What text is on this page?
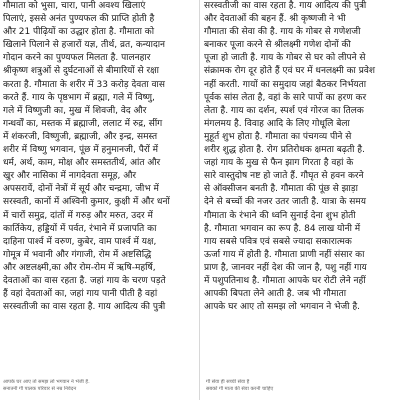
गौमाता को भुसा, चारा, पानी अवश्य खिलाएं
पिलाएं, इससे अनंत पुण्यफल की प्राप्ति होती है
और 21 पीढ़ियों का उद्धार होता है. गौमाता को
खिलाने पिलाने से हजारों यज्ञ, तीर्थ, व्रत, कन्यादान
गोदान करने का पुण्यफल मिलता है. पालनहार
श्रीकृष्ण शत्रुओं से दुर्घटनाओं से बीमारियों से रक्षा
करता है. गौमाता के शरीर में 33 करोड़ देवता वास
करते हैं. गाय के पृष्ठभाग में ब्रह्मा, गले में विष्णु,
गले में विष्णुजी का, मुख में शिवजी, वेद और
गन्धर्वों का, मस्तक में ब्रह्माजी, ललाट में रुद्र, सींग
में शंकरजी, विष्णुजी, ब्रह्माजी, और इन्द्र, समस्त
शरीर में विष्णु भगवान, पूंछ में हनुमानजी, पैरों में
धर्म, अर्थ, काम, मोक्ष और समस्ततीर्थ, आंत और
खुर और नासिका में नागदेवता समूह, और
अपसरायें, दोनों नेत्रों में सूर्य और चन्द्रमा, जीभ में
सरस्वती, कानों में अश्विनी कुमार, कुक्षी में और धनों
में चारों समुद्र, दांतों में गरुड़ और मरुत, उदर में
कार्तिकेय, हड्डियों में पर्वत, रंभाने में प्रजापति का
दाहिना पार्श्व में वरुण, कुबेर, वाम पार्श्व में यक्ष,
गोमूत्र में भवानी और गंगाजी, रोम में अष्टसिद्धि
और अष्टलक्ष्मी,का और रोम-रोम में ऋषि-महर्षि,
देवताओं का वास रहता है. जहां गाय के चरण पड़ते
हैं वहां देवताओं का, जहां गाय पानी पीती है वहां
सरस्वतीजी का वास रहता है. गाय आदित्य की पुत्री
सरस्वतीजी का वास रहता है. गाय आदित्य की पुत्री
और देवताओं की बहन हैं. श्री कृष्णजी ने भी
गौमाता की सेवा की है. गाय के गोबर से गणेशजी
बनाकर पूजा करने से श्रीलक्ष्मी गणेश दोनों की
पूजा हो जाती है. गाय के गोबर से घर को लीपने से
संक्रामक रोग दूर होते हैं एवं घर में धनलक्ष्मी का प्रवेश
नहीं करती. गायों का समुदाय जहां बैठकर निर्भयता
पूर्वक सांस लेता है, वहां के सारे पापों का हरण कर
लेता है. गाय का दर्शन, स्पर्श एवं गोरज का तिलक
मंगलमय है. विवाह आदि के लिए गोधूलि बेला
मुहूर्त शुभ होता है. गौमाता का पंचगव्य पीने से
शरीर शुद्ध होता है. रोग प्रतिरोधक क्षमता बढ़ती है.
जहां गाय के मुख से फैन झाग गिरता है वहां के
सारे वास्तुदोष नष्ट हो जाते हैं. गौघृत से हवन करने
से ऑक्सीजन बनती है. गौमाता की पूंछ से झाड़ा
देने से बच्चों की नजर उतर जाती है. यात्रा के समय
गौमाता के रंभाने की ध्वनि सुनाई देना शुभ होती
है. गौमाता भगवान का रूप है. 84 लाख योनी में
गाय सबसे पवित्र एवं सबसे ज्यादा सकारात्मक
ऊर्जा गाय में होती है. गौमाता प्राणी नहीं संसार का
प्राण है, जानवर नहीं देश की जान है, पशु नहीं गाय
में पशुपतिनाथ है. गौमाता आपके घर रोटी लेने नहीं
आपकी बिपता लेने आती है. जब भी गौमाता
आपके घर आए तो समझ लो भगवान ने भेजी है.
आपके घर आए तो समझ लो भगवान ने भेजी है.
सनातनी गौ पालक परिवार से नम्र निवेदन
गौ सेवा ही सच्ची सेवा है
सबको गौ माता की सेवा करनी चाहिए
